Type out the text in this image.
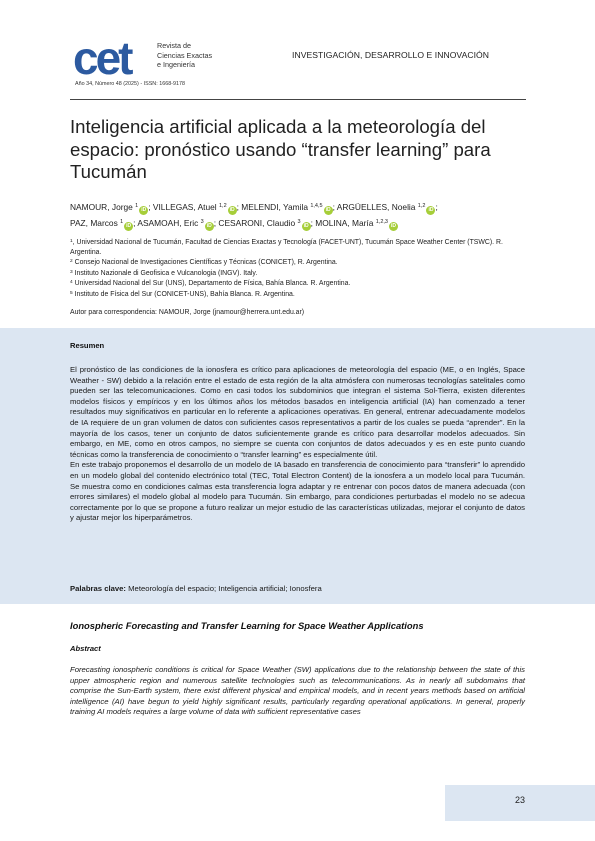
cet	Revista de
Ciencias Exactas
e Ingeniería
Año 34, Número 48 (2025) - ISSN: 1668-9178
INVESTIGACIÓN, DESARROLLO E INNOVACIÓN
Inteligencia artificial aplicada a la meteorología del espacio: pronóstico usando “transfer learning” para Tucumán
NAMOUR, Jorge $^1$iD ; VILLEGAS, Atuel $^{1,2}$iD ; MELENDI, Yamila $^{1,4,5}$iD ; ARGÜELLES, Noelia $^{1,2}$iD ;
PAZ, Marcos $^1$iD ; ASAMOAH, Eric $^3$iD ; CESARONI, Claudio $^3$iD ; MOLINA, María $^{1,2,3}$iD
$^1$, Universidad Nacional de Tucumán, Facultad de Ciencias Exactas y Tecnología (FACET-UNT), Tucumán Space Weather Center (TSWC). R. Argentina.
$^2$ Consejo Nacional de Investigaciones Científicas y Técnicas (CONICET), R. Argentina.
$^3$ Instituto Nazionale di Geofisica e Vulcanologia (INGV). Italy.
$^4$ Universidad Nacional del Sur (UNS), Departamento de Física, Bahía Blanca. R. Argentina.
$^5$ Instituto de Física del Sur (CONICET-UNS), Bahía Blanca. R. Argentina.
Autor para correspondencia: NAMOUR, Jorge (jnamour@herrera.unt.edu.ar)
Resumen

El pronóstico de las condiciones de la ionosfera es crítico para aplicaciones de meteorología del espacio (ME, o en Inglés, Space Weather - SW) debido a la relación entre el estado de esta región de la alta atmósfera con numerosas tecnologías satelitales como pueden ser las telecomunicaciones. Como en casi todos los subdominios que integran el sistema Sol-Tierra, existen diferentes modelos físicos y empíricos y en los últimos años los métodos basados en inteligencia artificial (IA) han comenzado a tener resultados muy significativos en particular en lo referente a aplicaciones operativas. En general, entrenar adecuadamente modelos de IA requiere de un gran volumen de datos con suficientes casos representativos a partir de los cuales se pueda “aprender”. En la mayoría de los casos, tener un conjunto de datos suficientemente grande es crítico para desarrollar modelos adecuados. Sin embargo, en ME, como en otros campos, no siempre se cuenta con conjuntos de datos adecuados y es en este punto cuando técnicas como la transferencia de conocimiento o “transfer learning” es especialmente útil.

En este trabajo proponemos el desarrollo de un modelo de IA basado en transferencia de conocimiento para “transferir” lo aprendido en un modelo global del contenido electrónico total (TEC, Total Electron Content) de la ionosfera a un modelo local para Tucumán. Se muestra como en condiciones calmas esta transferencia logra adaptar y re entrenar con pocos datos de manera adecuada (con errores similares) el modelo global al modelo para Tucumán. Sin embargo, para condiciones perturbadas el modelo no se adecua correctamente por lo que se propone a futuro realizar un mejor estudio de las características utilizadas, mejorar el conjunto de datos y ajustar mejor los hiperparámetros.

Palabras clave: Meteorología del espacio; Inteligencia artificial; Ionosfera
Ionospheric Forecasting and Transfer Learning for Space Weather Applications
Abstract
Forecasting ionospheric conditions is critical for Space Weather (SW) applications due to the relationship between the state of this upper atmospheric region and numerous satellite technologies such as telecommunications. As in nearly all subdomains that comprise the Sun-Earth system, there exist different physical and empirical models, and in recent years methods based on artificial intelligence (AI) have begun to yield highly significant results, particularly regarding operational applications. In general, properly training AI models requires a large volume of data with sufficient representative cases
23
